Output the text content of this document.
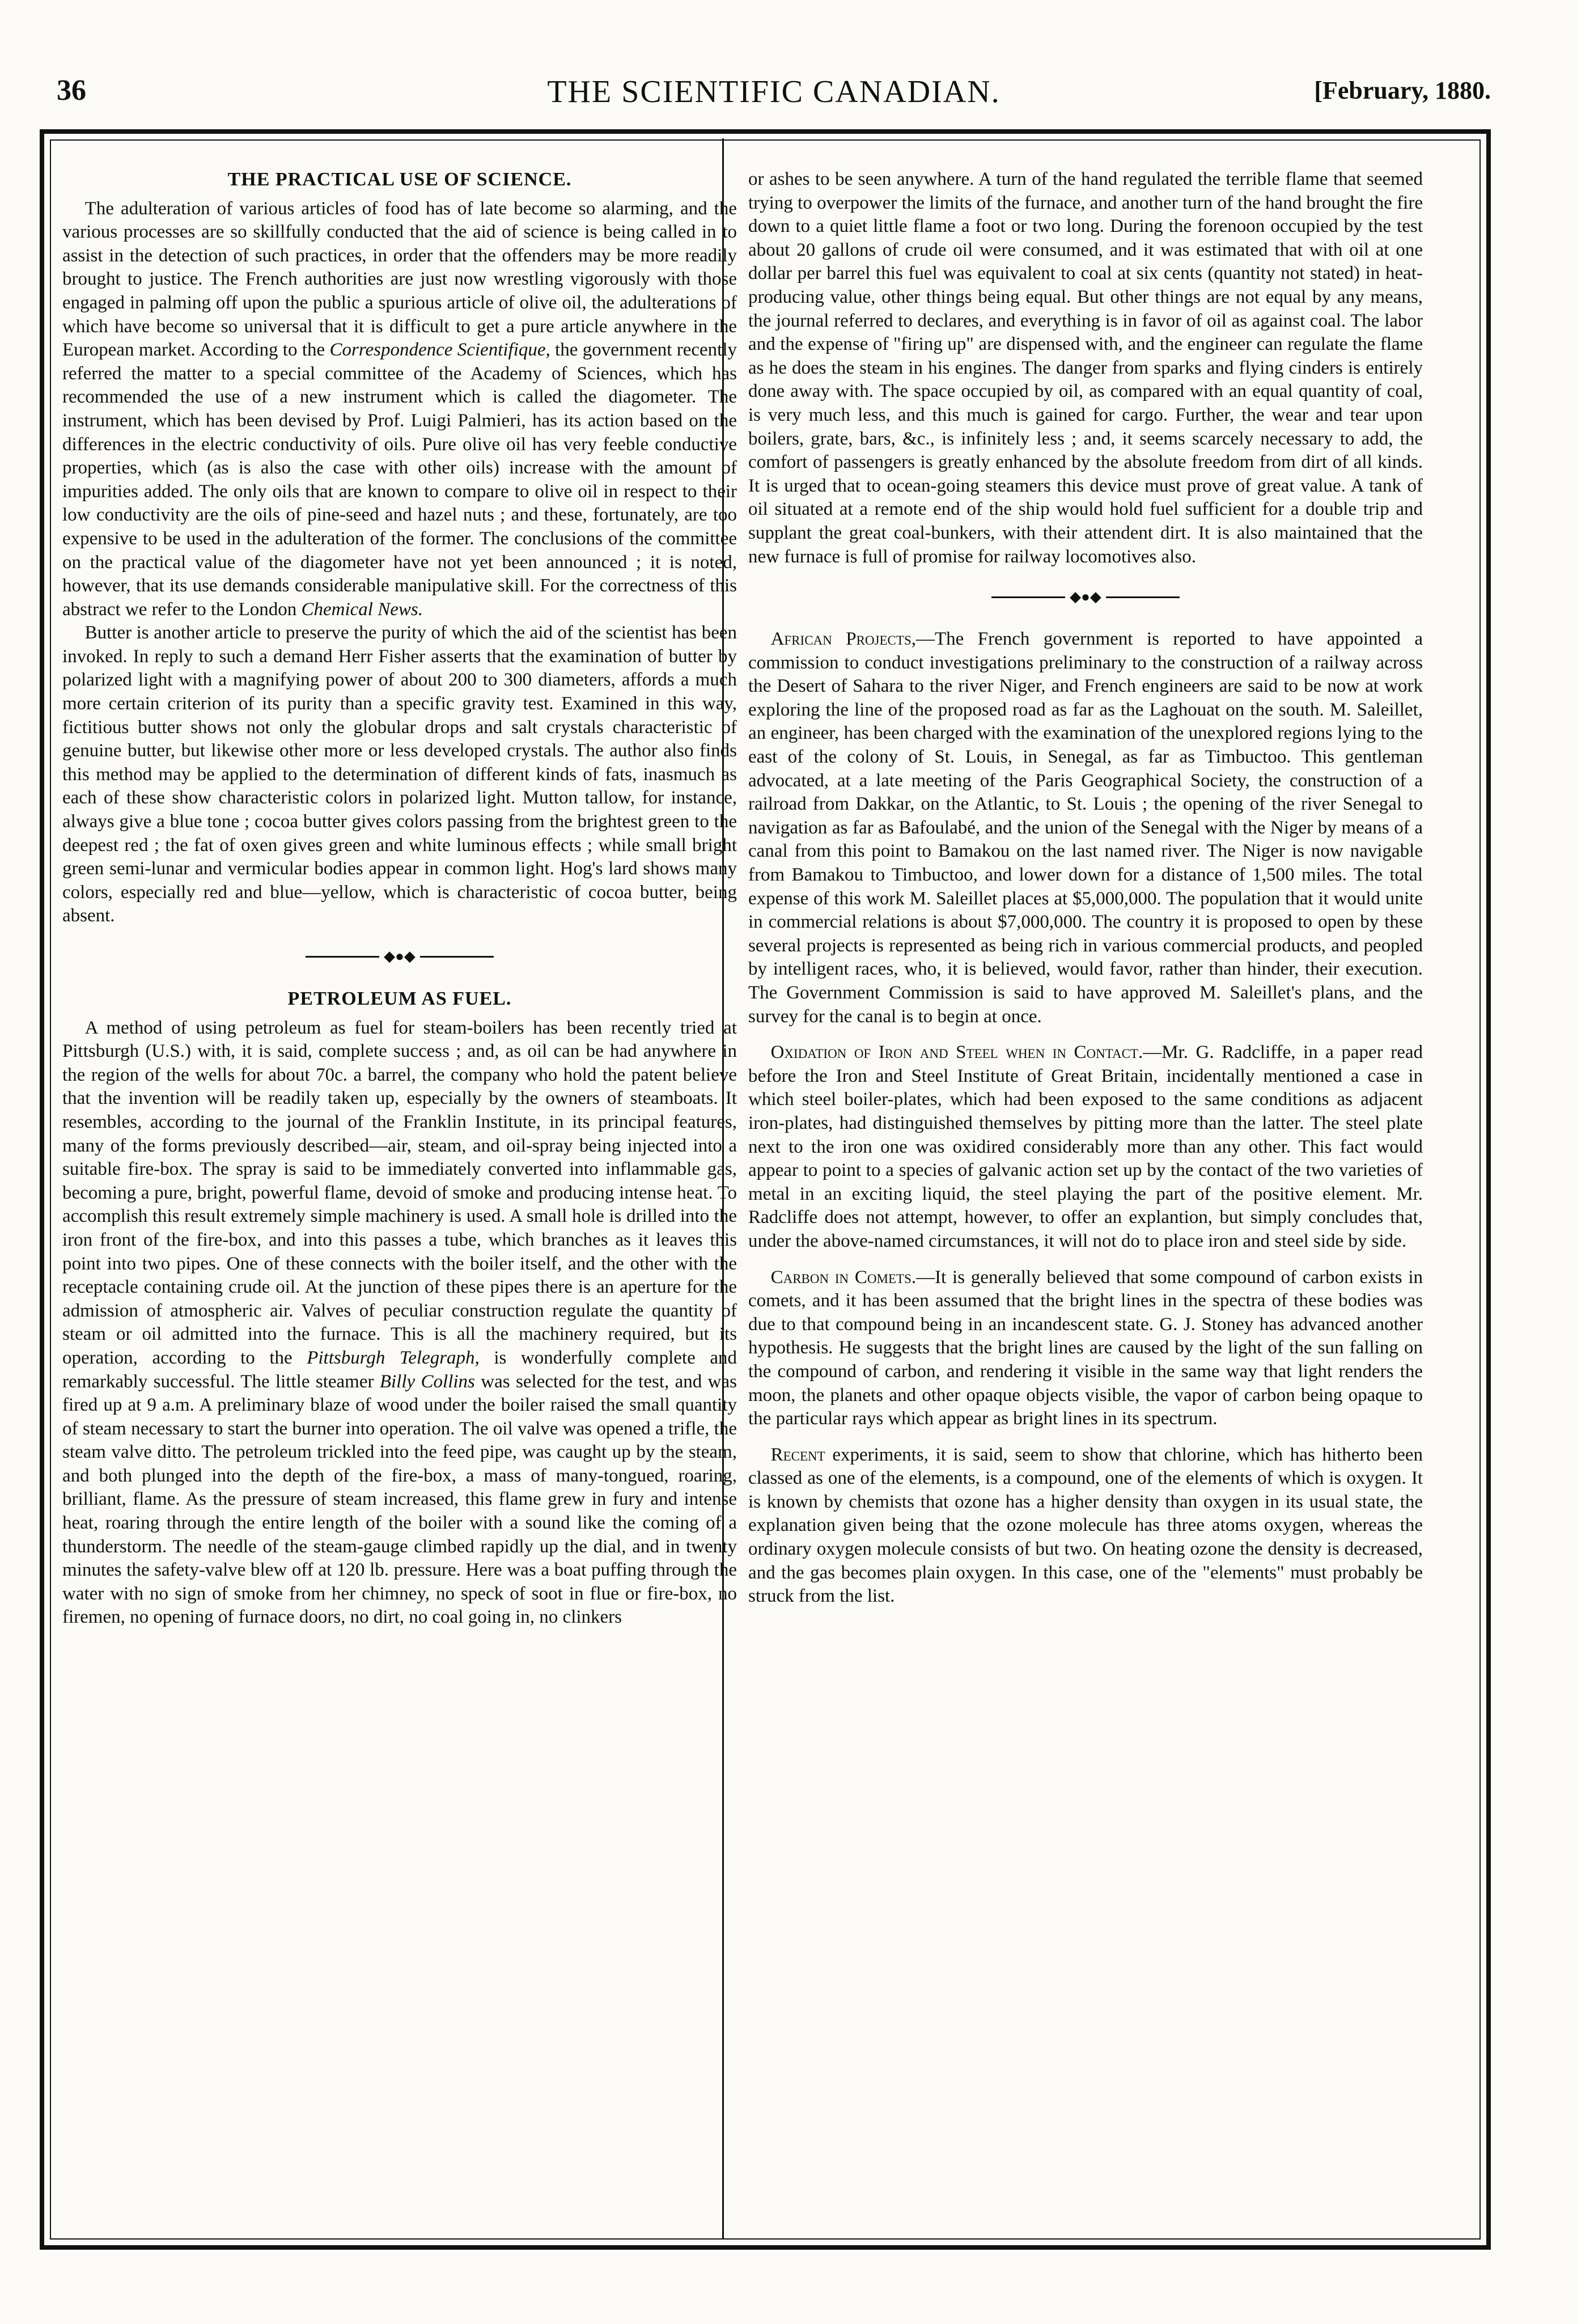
36	THE SCIENTIFIC CANADIAN.	[February, 1880.
THE PRACTICAL USE OF SCIENCE.

The adulteration of various articles of food has of late become so alarming, and the various processes are so skillfully conducted that the aid of science is being called in to assist in the detection of such practices, in order that the offenders may be more readily brought to justice. The French authorities are just now wrestling vigorously with those engaged in palming off upon the public a spurious article of olive oil, the adulterations of which have become so universal that it is difficult to get a pure article anywhere in the European market. According to the Correspondence Scientifique, the government recently referred the matter to a special committee of the Academy of Sciences, which has recommended the use of a new instrument which is called the diagometer. The instrument, which has been devised by Prof. Luigi Palmieri, has its action based on the differences in the electric conductivity of oils. Pure olive oil has very feeble conductive properties, which (as is also the case with other oils) increase with the amount of impurities added. The only oils that are known to compare to olive oil in respect to their low conductivity are the oils of pine-seed and hazel nuts ; and these, fortunately, are too expensive to be used in the adulteration of the former. The conclusions of the committee on the practical value of the diagometer have not yet been announced ; it is noted, however, that its use demands considerable manipulative skill. For the correctness of this abstract we refer to the London Chemical News.

Butter is another article to preserve the purity of which the aid of the scientist has been invoked. In reply to such a demand Herr Fisher asserts that the examination of butter by polarized light with a magnifying power of about 200 to 300 diameters, affords a much more certain criterion of its purity than a specific gravity test. Examined in this way, fictitious butter shows not only the globular drops and salt crystals characteristic of genuine butter, but likewise other more or less developed crystals. The author also finds this method may be applied to the determination of different kinds of fats, inasmuch as each of these show characteristic colors in polarized light. Mutton tallow, for instance, always give a blue tone ; cocoa butter gives colors passing from the brightest green to the deepest red ; the fat of oxen gives green and white luminous effects ; while small bright green semi-lunar and vermicular bodies appear in common light. Hog's lard shows many colors, especially red and blue—yellow, which is characteristic of cocoa butter, being absent.

◆●◆
PETROLEUM AS FUEL.

A method of using petroleum as fuel for steam-boilers has been recently tried at Pittsburgh (U.S.) with, it is said, complete success ; and, as oil can be had anywhere in the region of the wells for about 70c. a barrel, the company who hold the patent believe that the invention will be readily taken up, especially by the owners of steamboats. It resembles, according to the journal of the Franklin Institute, in its principal features, many of the forms previously described—air, steam, and oil-spray being injected into a suitable fire-box. The spray is said to be immediately converted into inflammable gas, becoming a pure, bright, powerful flame, devoid of smoke and producing intense heat. To accomplish this result extremely simple machinery is used. A small hole is drilled into the iron front of the fire-box, and into this passes a tube, which branches as it leaves this point into two pipes. One of these connects with the boiler itself, and the other with the receptacle containing crude oil. At the junction of these pipes there is an aperture for the admission of atmospheric air. Valves of peculiar construction regulate the quantity of steam or oil admitted into the furnace. This is all the machinery required, but its operation, according to the Pittsburgh Telegraph, is wonderfully complete and remarkably successful. The little steamer Billy Collins was selected for the test, and was fired up at 9 a.m. A preliminary blaze of wood under the boiler raised the small quantity of steam necessary to start the burner into operation. The oil valve was opened a trifle, the steam valve ditto. The petroleum trickled into the feed pipe, was caught up by the steam, and both plunged into the depth of the fire-box, a mass of many-tongued, roaring, brilliant, flame. As the pressure of steam increased, this flame grew in fury and intense heat, roaring through the entire length of the boiler with a sound like the coming of a thunderstorm. The needle of the steam-gauge climbed rapidly up the dial, and in twenty minutes the safety-valve blew off at 120 lb. pressure. Here was a boat puffing through the water with no sign of smoke from her chimney, no speck of soot in flue or fire-box, no firemen, no opening of furnace doors, no dirt, no coal going in, no clinkers

or ashes to be seen anywhere. A turn of the hand regulated the terrible flame that seemed trying to overpower the limits of the furnace, and another turn of the hand brought the fire down to a quiet little flame a foot or two long. During the forenoon occupied by the test about 20 gallons of crude oil were consumed, and it was estimated that with oil at one dollar per barrel this fuel was equivalent to coal at six cents (quantity not stated) in heat-producing value, other things being equal. But other things are not equal by any means, the journal referred to declares, and everything is in favor of oil as against coal. The labor and the expense of "firing up" are dispensed with, and the engineer can regulate the flame as he does the steam in his engines. The danger from sparks and flying cinders is entirely done away with. The space occupied by oil, as compared with an equal quantity of coal, is very much less, and this much is gained for cargo. Further, the wear and tear upon boilers, grate, bars, &c., is infinitely less ; and, it seems scarcely necessary to add, the comfort of passengers is greatly enhanced by the absolute freedom from dirt of all kinds. It is urged that to ocean-going steamers this device must prove of great value. A tank of oil situated at a remote end of the ship would hold fuel sufficient for a double trip and supplant the great coal-bunkers, with their attendent dirt. It is also maintained that the new furnace is full of promise for railway locomotives also.

◆●◆

African Projects,—The French government is reported to have appointed a commission to conduct investigations preliminary to the construction of a railway across the Desert of Sahara to the river Niger, and French engineers are said to be now at work exploring the line of the proposed road as far as the Laghouat on the south. M. Saleillet, an engineer, has been charged with the examination of the unexplored regions lying to the east of the colony of St. Louis, in Senegal, as far as Timbuctoo. This gentleman advocated, at a late meeting of the Paris Geographical Society, the construction of a railroad from Dakkar, on the Atlantic, to St. Louis ; the opening of the river Senegal to navigation as far as Bafoulabé, and the union of the Senegal with the Niger by means of a canal from this point to Bamakou on the last named river. The Niger is now navigable from Bamakou to Timbuctoo, and lower down for a distance of 1,500 miles. The total expense of this work M. Saleillet places at $5,000,000. The population that it would unite in commercial relations is about $7,000,000. The country it is proposed to open by these several projects is represented as being rich in various commercial products, and peopled by intelligent races, who, it is believed, would favor, rather than hinder, their execution. The Government Commission is said to have approved M. Saleillet's plans, and the survey for the canal is to begin at once.

Oxidation of Iron and Steel when in Contact.—Mr. G. Radcliffe, in a paper read before the Iron and Steel Institute of Great Britain, incidentally mentioned a case in which steel boiler-plates, which had been exposed to the same conditions as adjacent iron-plates, had distinguished themselves by pitting more than the latter. The steel plate next to the iron one was oxidired considerably more than any other. This fact would appear to point to a species of galvanic action set up by the contact of the two varieties of metal in an exciting liquid, the steel playing the part of the positive element. Mr. Radcliffe does not attempt, however, to offer an explantion, but simply concludes that, under the above-named circumstances, it will not do to place iron and steel side by side.

Carbon in Comets.—It is generally believed that some compound of carbon exists in comets, and it has been assumed that the bright lines in the spectra of these bodies was due to that compound being in an incandescent state. G. J. Stoney has advanced another hypothesis. He suggests that the bright lines are caused by the light of the sun falling on the compound of carbon, and rendering it visible in the same way that light renders the moon, the planets and other opaque objects visible, the vapor of carbon being opaque to the particular rays which appear as bright lines in its spectrum.

Recent experiments, it is said, seem to show that chlorine, which has hitherto been classed as one of the elements, is a compound, one of the elements of which is oxygen. It is known by chemists that ozone has a higher density than oxygen in its usual state, the explanation given being that the ozone molecule has three atoms oxygen, whereas the ordinary oxygen molecule consists of but two. On heating ozone the density is decreased, and the gas becomes plain oxygen. In this case, one of the "elements" must probably be struck from the list.
